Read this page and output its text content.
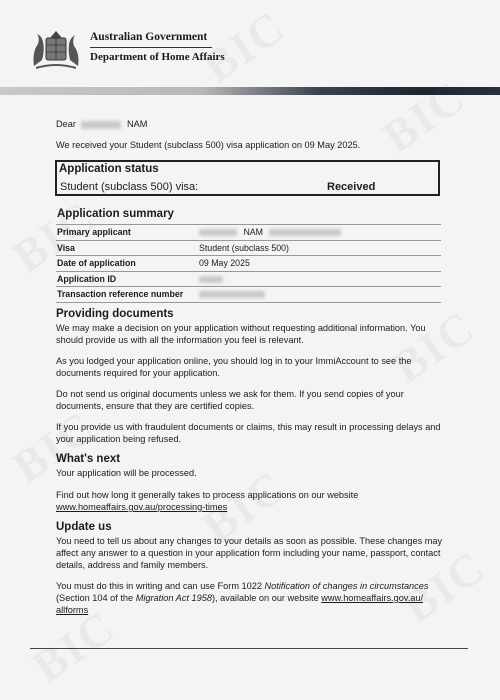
Australian Government
Department of Home Affairs
Dear	NAM
We received your Student (subclass 500) visa application on 09 May 2025.
Application status
Student (subclass 500) visa:	Received
Application summary
Primary applicant	NAM
Visa	Student (subclass 500)
Date of application	09 May 2025
Application ID
Transaction reference number
Providing documents
We may make a decision on your application without requesting additional information. You should provide us with all the information you feel is relevant.
As you lodged your application online, you should log in to your ImmiAccount to see the documents required for your application.
Do not send us original documents unless we ask for them. If you send copies of your documents, ensure that they are certified copies.
If you provide us with fraudulent documents or claims, this may result in processing delays and your application being refused.
What's next
Your application will be processed.
Find out how long it generally takes to process applications on our website
www.homeaffairs.gov.au/processing-times
Update us
You need to tell us about any changes to your details as soon as possible. These changes may affect any answer to a question in your application form including your name, passport, contact details, address and family members.
You must do this in writing and can use Form 1022 Notification of changes in circumstances (Section 104 of the Migration Act 1958), available on our website www.homeaffairs.gov.au/
allforms
